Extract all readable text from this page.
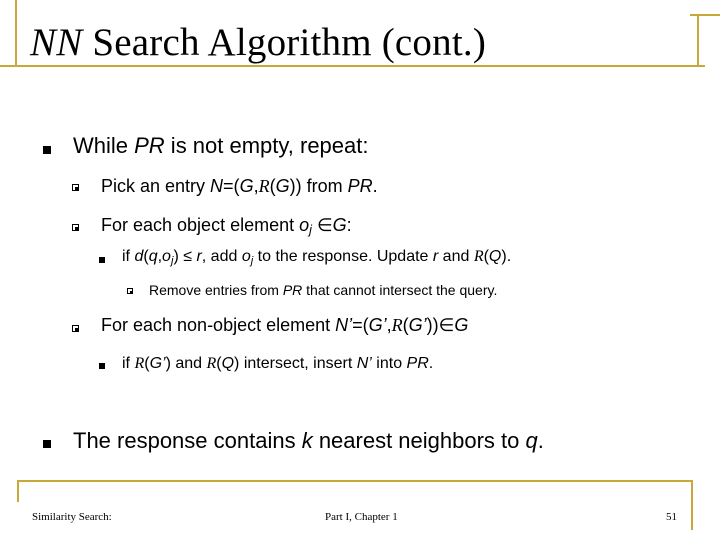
NN Search Algorithm (cont.)
While PR is not empty, repeat:
Pick an entry N=(G,R(G)) from PR.
For each object element $o_j$ ∈G:
if $d(q,o_j) \le r$, add $o_j$ to the response. Update r and R(Q).
Remove entries from PR that cannot intersect the query.
For each non-object element N’=(G’,R(G’))∈G
if R(G’) and R(Q) intersect, insert N’ into PR.
The response contains k nearest neighbors to q.
Similarity Search:	Part I, Chapter 1	51
